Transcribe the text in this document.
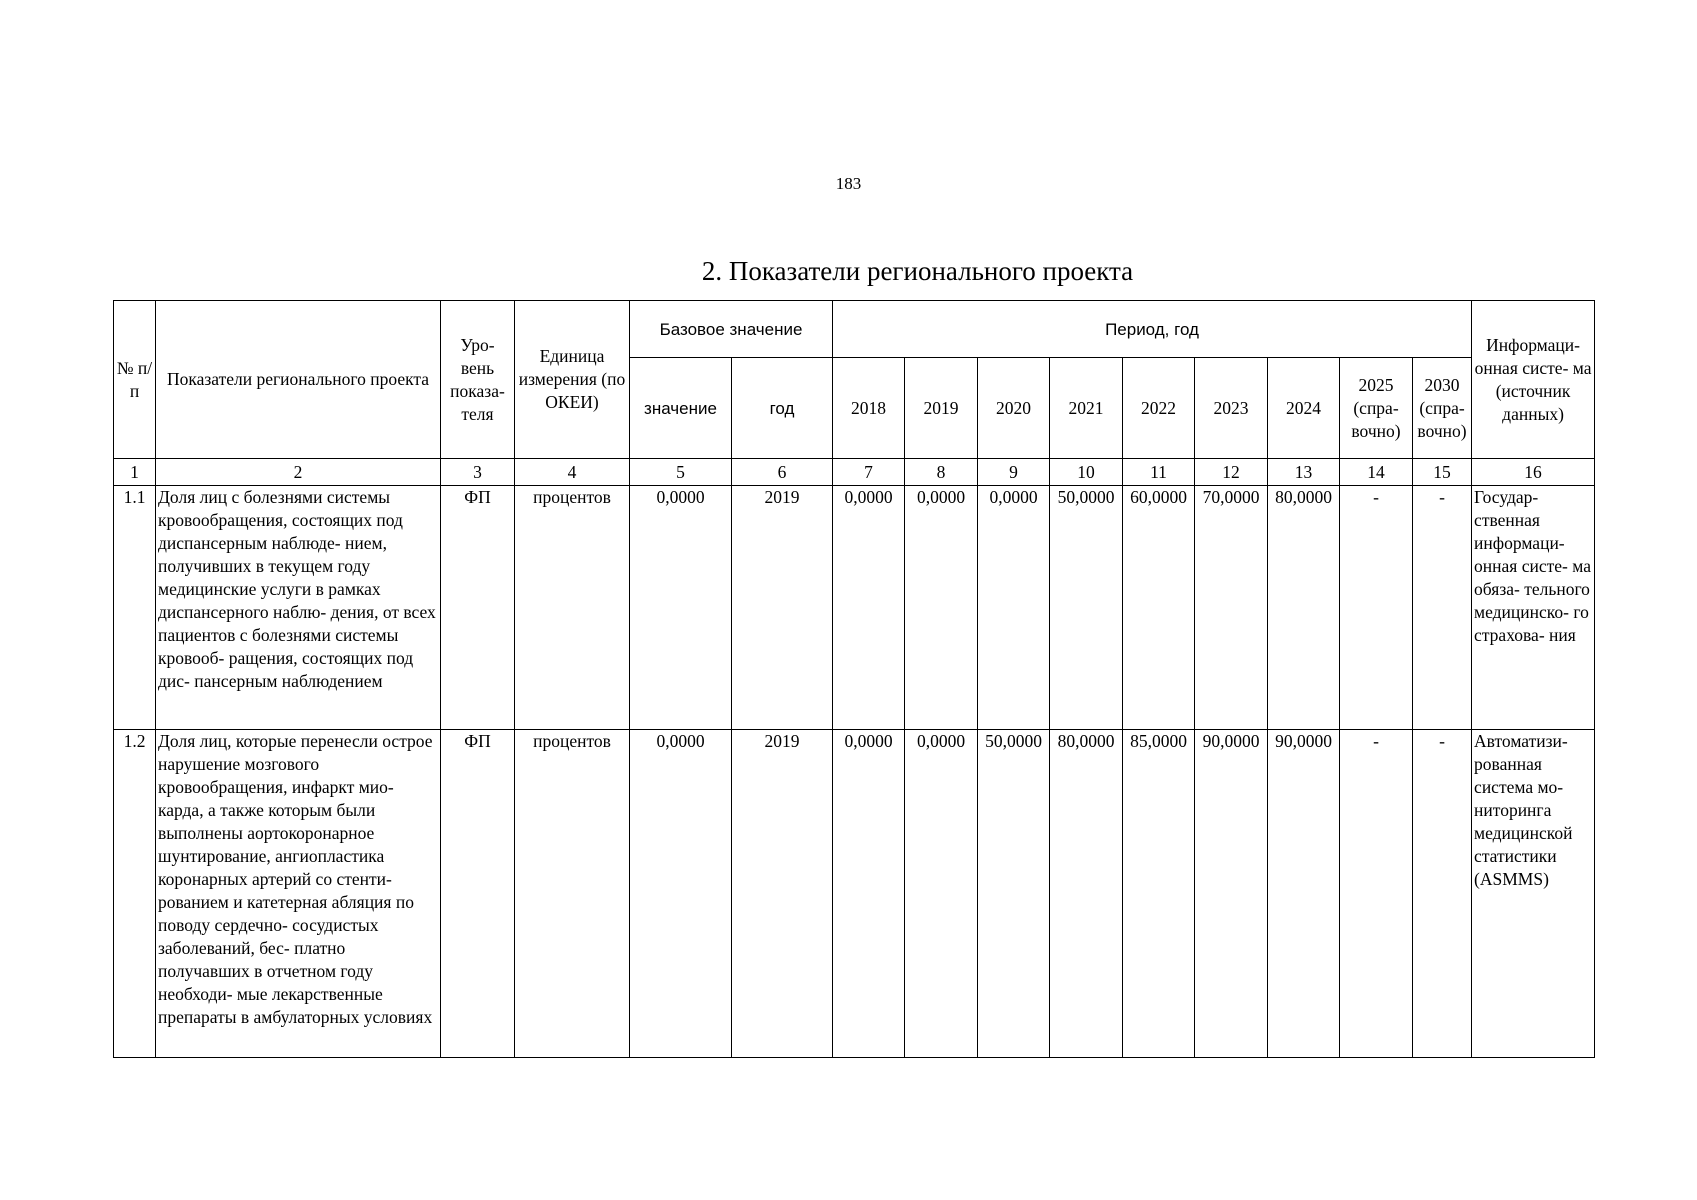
183
2. Показатели регионального проекта
№ п/п	Показатели регионального проекта	Уро- вень показа- теля	Единица измерения (по ОКЕИ)	Базовое значение		Период, год									Информаци- онная систе- ма (источник данных)
				значение	год	2018	2019	2020	2021	2022	2023	2024	2025 (спра- вочно)	2030 (спра- вочно)	
1	2	3	4	5	6	7	8	9	10	11	12	13	14	15	16
1.1	Доля лиц с болезнями системы кровообращения, состоящих под диспансерным наблюде- нием, получивших в текущем году медицинские услуги в рамках диспансерного наблю- дения, от всех пациентов с болезнями системы кровооб- ращения, состоящих под дис- пансерным наблюдением	ФП	процентов	0,0000	2019	0,0000	0,0000	0,0000	50,0000	60,0000	70,0000	80,0000	-	-	Государ- ственная информаци- онная систе- ма обяза- тельного медицинско- го страхова- ния
1.2	Доля лиц, которые перенесли острое нарушение мозгового кровообращения, инфаркт мио- карда, а также которым были выполнены аортокоронарное шунтирование, ангиопластика коронарных артерий со стенти- рованием и катетерная абляция по поводу сердечно- сосудистых заболеваний, бес- платно получавших в отчетном году необходи- мые лекарственные препараты в амбулаторных условиях	ФП	процентов	0,0000	2019	0,0000	0,0000	50,0000	80,0000	85,0000	90,0000	90,0000	-	-	Автоматизи- рованная система мо- ниторинга медицинской статистики (ASMMS)
